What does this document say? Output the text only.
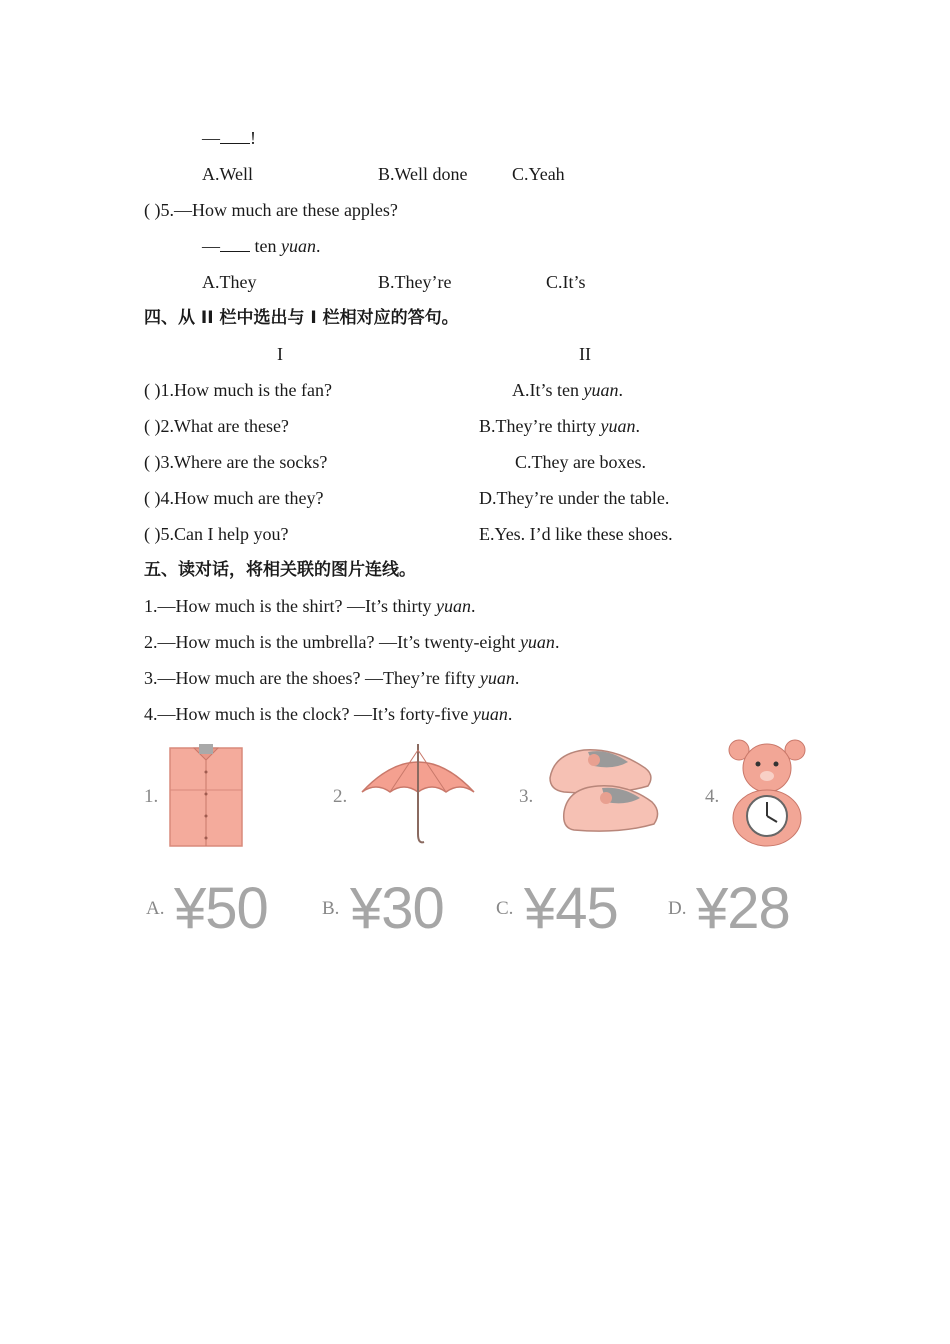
— !
A.Well	B.Well done C.Yeah
( )5.—How much are these apples?
— ten yuan.
A.They	B.They’re	C.It’s
四、从 II 栏中选出与 I 栏相对应的答句。
I	II
( )1.How much is the fan?	A.It’s ten yuan.
( )2.What are these?	B.They’re thirty yuan.
( )3.Where are the socks?	C.They are boxes.
( )4.How much are they?	D.They’re under the table.
( )5.Can I help you?	E.Yes. I’d like these shoes.
五、读对话，将相关联的图片连线。
1.—How much is the shirt? —It’s thirty yuan.
2.—How much is the umbrella? —It’s twenty-eight yuan.
3.—How much are the shoes? —They’re fifty yuan.
4.—How much is the clock? —It’s forty-five yuan.
1.	2.	3.	4.
A. ¥50	B. ¥30	C. ¥45	D. ¥28
